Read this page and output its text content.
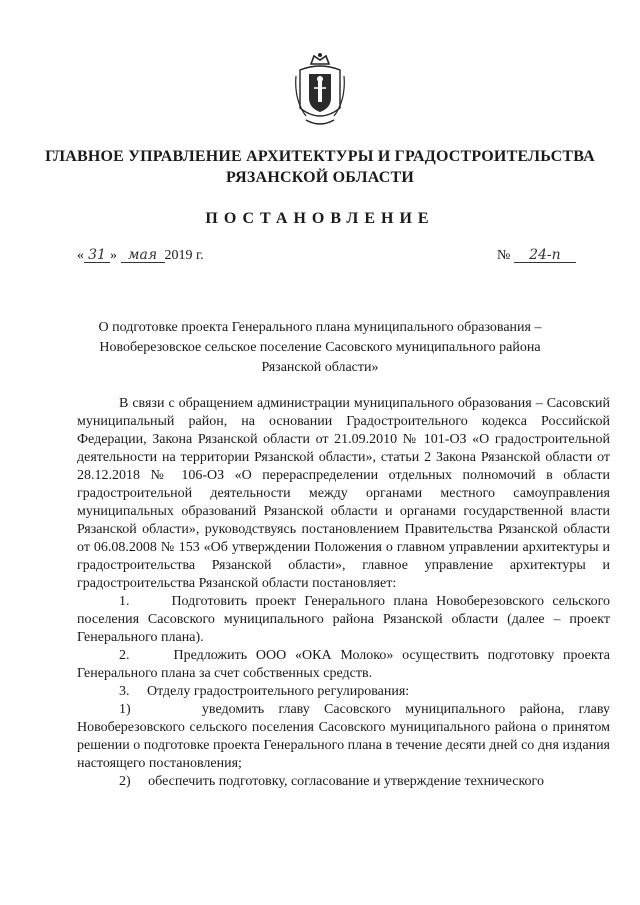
ГЛАВНОЕ УПРАВЛЕНИЕ АРХИТЕКТУРЫ И ГРАДОСТРОИТЕЛЬСТВА
РЯЗАНСКОЙ ОБЛАСТИ
ПОСТАНОВЛЕНИЕ
« 31 » мая 2019 г.	№ 24-п
О подготовке проекта Генерального плана муниципального образования –
Новоберезовское сельское поселение Сасовского муниципального района
Рязанской области»

В связи с обращением администрации муниципального образования – Сасовский муниципальный район, на основании Градостроительного кодекса Российской Федерации, Закона Рязанской области от 21.09.2010 № 101-ОЗ «О градостроительной деятельности на территории Рязанской области», статьи 2 Закона Рязанской области от 28.12.2018 № 106-ОЗ «О перераспределении отдельных полномочий в области градостроительной деятельности между органами местного самоуправления муниципальных образований Рязанской области и органами государственной власти Рязанской области», руководствуясь постановлением Правительства Рязанской области от 06.08.2008 № 153 «Об утверждении Положения о главном управлении архитектуры и градостроительства Рязанской области», главное управление архитектуры и градостроительства Рязанской области постановляет:

1.	Подготовить проект Генерального плана Новоберезовского сельского поселения Сасовского муниципального района Рязанской области (далее – проект Генерального плана).

2.	Предложить ООО «ОКА Молоко» осуществить подготовку проекта Генерального плана за счет собственных средств.

3. Отделу градостроительного регулирования:

1)	уведомить главу Сасовского муниципального района, главу Новоберезовского сельского поселения Сасовского муниципального района о принятом решении о подготовке проекта Генерального плана в течение десяти дней со дня издания настоящего постановления;

2) обеспечить подготовку, согласование и утверждение технического
